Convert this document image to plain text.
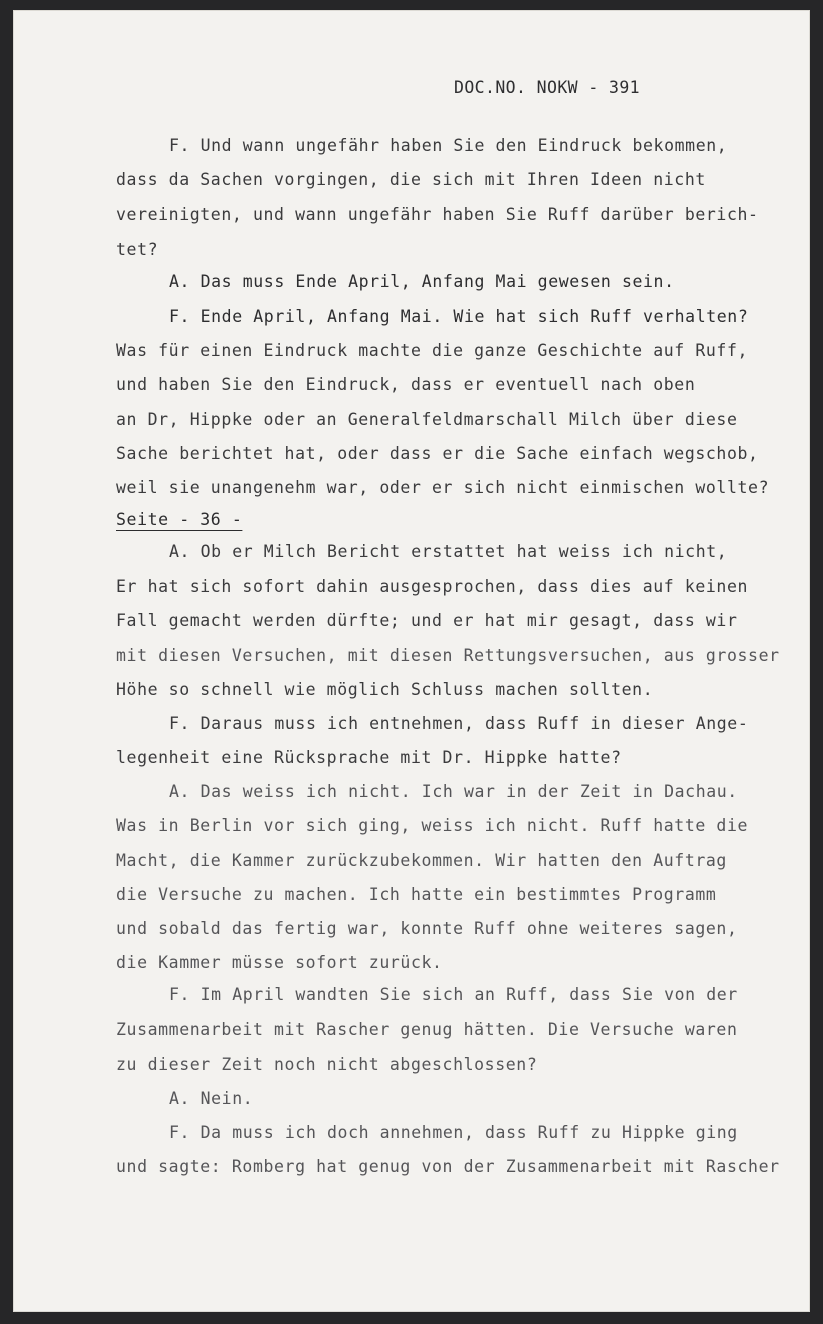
DOC.NO. NOKW - 391
F. Und wann ungefähr haben Sie den Eindruck bekommen,
dass da Sachen vorgingen, die sich mit Ihren Ideen nicht
vereinigten, und wann ungefähr haben Sie Ruff darüber berich-
tet?
A. Das muss Ende April, Anfang Mai gewesen sein.
F. Ende April, Anfang Mai. Wie hat sich Ruff verhalten?
Was für einen Eindruck machte die ganze Geschichte auf Ruff,
und haben Sie den Eindruck, dass er eventuell nach oben
an Dr, Hippke oder an Generalfeldmarschall Milch über diese
Sache berichtet hat, oder dass er die Sache einfach wegschob,
weil sie unangenehm war, oder er sich nicht einmischen wollte?
Seite - 36 -
A. Ob er Milch Bericht erstattet hat weiss ich nicht,
Er hat sich sofort dahin ausgesprochen, dass dies auf keinen
Fall gemacht werden dürfte; und er hat mir gesagt, dass wir
mit diesen Versuchen, mit diesen Rettungsversuchen, aus grosser
Höhe so schnell wie möglich Schluss machen sollten.
F. Daraus muss ich entnehmen, dass Ruff in dieser Ange-
legenheit eine Rücksprache mit Dr. Hippke hatte?
A. Das weiss ich nicht. Ich war in der Zeit in Dachau.
Was in Berlin vor sich ging, weiss ich nicht. Ruff hatte die
Macht, die Kammer zurückzubekommen. Wir hatten den Auftrag
die Versuche zu machen. Ich hatte ein bestimmtes Programm
und sobald das fertig war, konnte Ruff ohne weiteres sagen,
die Kammer müsse sofort zurück.
F. Im April wandten Sie sich an Ruff, dass Sie von der
Zusammenarbeit mit Rascher genug hätten. Die Versuche waren
zu dieser Zeit noch nicht abgeschlossen?
A. Nein.
F. Da muss ich doch annehmen, dass Ruff zu Hippke ging
und sagte: Romberg hat genug von der Zusammenarbeit mit Rascher
